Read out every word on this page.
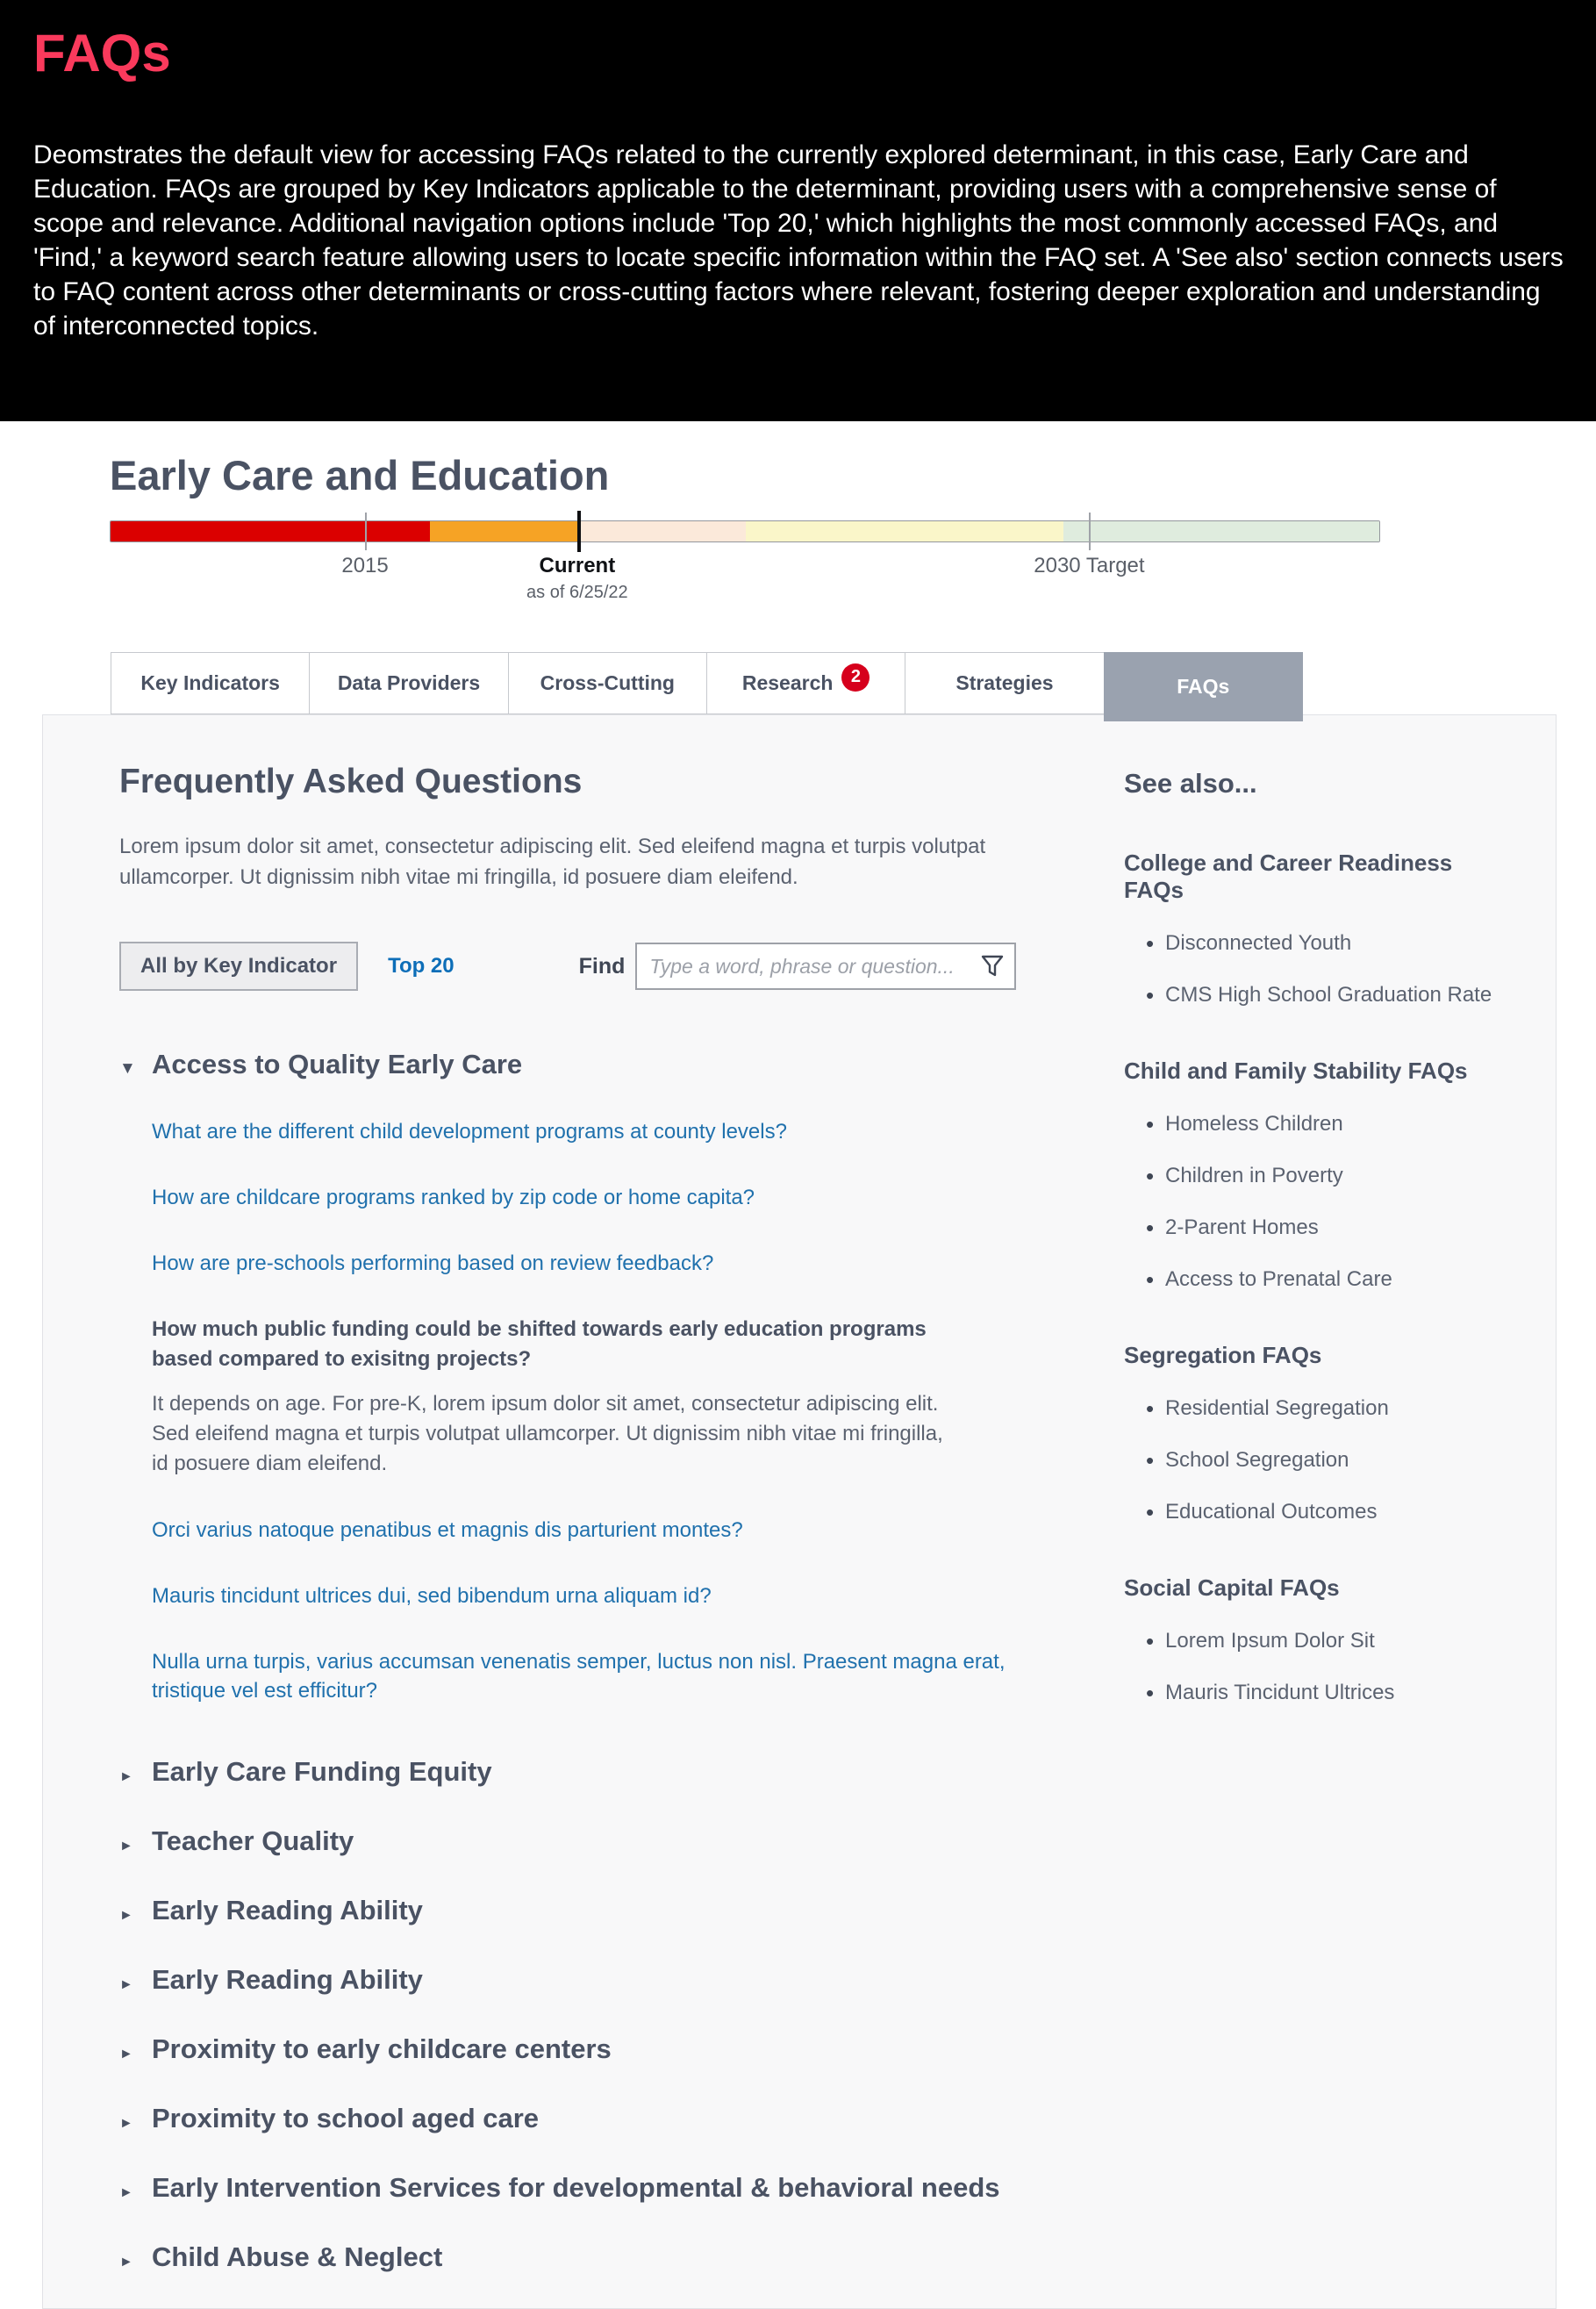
FAQs

Deomstrates the default view for accessing FAQs related to the currently explored determinant, in this case, Early Care and Education. FAQs are grouped by Key Indicators applicable to the determinant, providing users with a comprehensive sense of scope and relevance. Additional navigation options include 'Top 20,' which highlights the most commonly accessed FAQs, and 'Find,' a keyword search feature allowing users to locate specific information within the FAQ set. A 'See also' section connects users to FAQ content across other determinants or cross-cutting factors where relevant, fostering deeper exploration and understanding of interconnected topics.

Early Care and Education
2015	Current
as of 6/25/22
2030 Target
Key Indicators	Data Providers	Cross-Cutting	Research	2	Strategies	FAQs
Frequently Asked Questions

Lorem ipsum dolor sit amet, consectetur adipiscing elit. Sed eleifend magna et turpis volutpat ullamcorper. Ut dignissim nibh vitae mi fringilla, id posuere diam eleifend.

All by Key Indicator	Top 20	Find
Type a word, phrase or question...
▼ Access to Quality Early Care
What are the different child development programs at county levels?
How are childcare programs ranked by zip code or home capita?
How are pre-schools performing based on review feedback?

How much public funding could be shifted towards early education programs based compared to exisitng projects?

It depends on age. For pre-K, lorem ipsum dolor sit amet, consectetur adipiscing elit. Sed eleifend magna et turpis volutpat ullamcorper. Ut dignissim nibh vitae mi fringilla, id posuere diam eleifend.

Orci varius natoque penatibus et magnis dis parturient montes?
Mauris tincidunt ultrices dui, sed bibendum urna aliquam id?
Nulla urna turpis, varius accumsan venenatis semper, luctus non nisl. Praesent magna erat, tristique vel est efficitur?
► Early Care Funding Equity
► Teacher Quality
► Early Reading Ability
► Early Reading Ability
► Proximity to early childcare centers
► Proximity to school aged care
► Early Intervention Services for developmental & behavioral needs
► Child Abuse & Neglect
See also...
College and Career Readiness FAQs
• Disconnected Youth
• CMS High School Graduation Rate
Child and Family Stability FAQs
• Homeless Children
• Children in Poverty
• 2-Parent Homes
• Access to Prenatal Care
Segregation FAQs
• Residential Segregation
• School Segregation
• Educational Outcomes
Social Capital FAQs
• Lorem Ipsum Dolor Sit
• Mauris Tincidunt Ultrices
